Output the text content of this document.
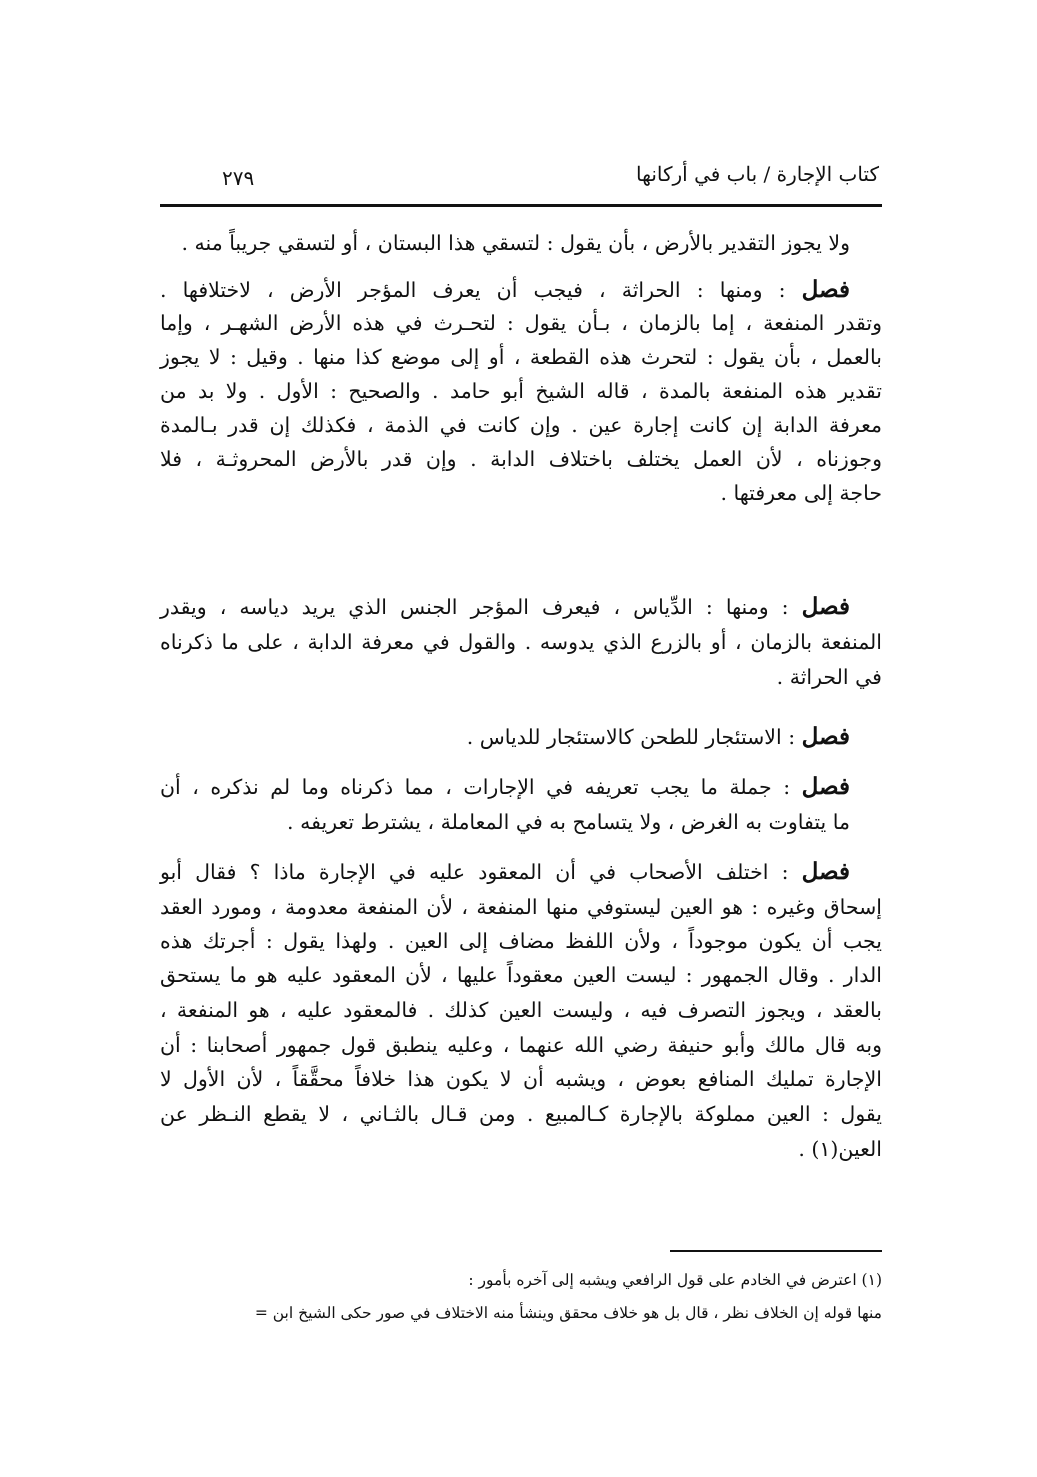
كتاب الإجارة / باب في أركانها
٢٧٩
ولا يجوز التقدير بالأرض ، بأن يقول : لتسقي هذا البستان ، أو لتسقي جريباً منه .
فصل : ومنها : الحراثة ، فيجب أن يعرف المؤجر الأرض ، لاختلافها .
وتقدر المنفعة ، إما بالزمان ، بـأن يقول : لتحـرث في هذه الأرض الشهـر ، وإما
بالعمل ، بأن يقول : لتحرث هذه القطعة ، أو إلى موضع كذا منها . وقيل : لا يجوز
تقدير هذه المنفعة بالمدة ، قاله الشيخ أبو حامد . والصحيح : الأول . ولا بد من
معرفة الدابة إن كانت إجارة عين . وإن كانت في الذمة ، فكذلك إن قدر بـالمدة
وجوزناه ، لأن العمل يختلف باختلاف الدابة . وإن قدر بالأرض المحروثـة ، فلا
حاجة إلى معرفتها .
فصل : ومنها : الدِّياس ، فيعرف المؤجر الجنس الذي يريد دياسه ، ويقدر
المنفعة بالزمان ، أو بالزرع الذي يدوسه . والقول في معرفة الدابة ، على ما ذكرناه
في الحراثة .
فصل : الاستئجار للطحن كالاستئجار للدياس .
فصل : جملة ما يجب تعريفه في الإجارات ، مما ذكرناه وما لم نذكره ، أن
ما يتفاوت به الغرض ، ولا يتسامح به في المعاملة ، يشترط تعريفه .
فصل : اختلف الأصحاب في أن المعقود عليه في الإجارة ماذا ؟ فقال أبو
إسحاق وغيره : هو العين ليستوفي منها المنفعة ، لأن المنفعة معدومة ، ومورد العقد
يجب أن يكون موجوداً ، ولأن اللفظ مضاف إلى العين . ولهذا يقول : أجرتك هذه
الدار . وقال الجمهور : ليست العين معقوداً عليها ، لأن المعقود عليه هو ما يستحق
بالعقد ، ويجوز التصرف فيه ، وليست العين كذلك . فالمعقود عليه ، هو المنفعة ،
وبه قال مالك وأبو حنيفة رضي الله عنهما ، وعليه ينطبق قول جمهور أصحابنا : أن
الإجارة تمليك المنافع بعوض ، ويشبه أن لا يكون هذا خلافاً محقَّقاً ، لأن الأول لا
يقول : العين مملوكة بالإجارة كـالمبيع . ومن قـال بالثـاني ، لا يقطع النـظر عن
العين(١) .
(١) اعترض في الخادم على قول الرافعي ويشبه إلى آخره بأمور :
منها قوله إن الخلاف نظر ، قال بل هو خلاف محقق وينشأ منه الاختلاف في صور حكى الشيخ ابن =
